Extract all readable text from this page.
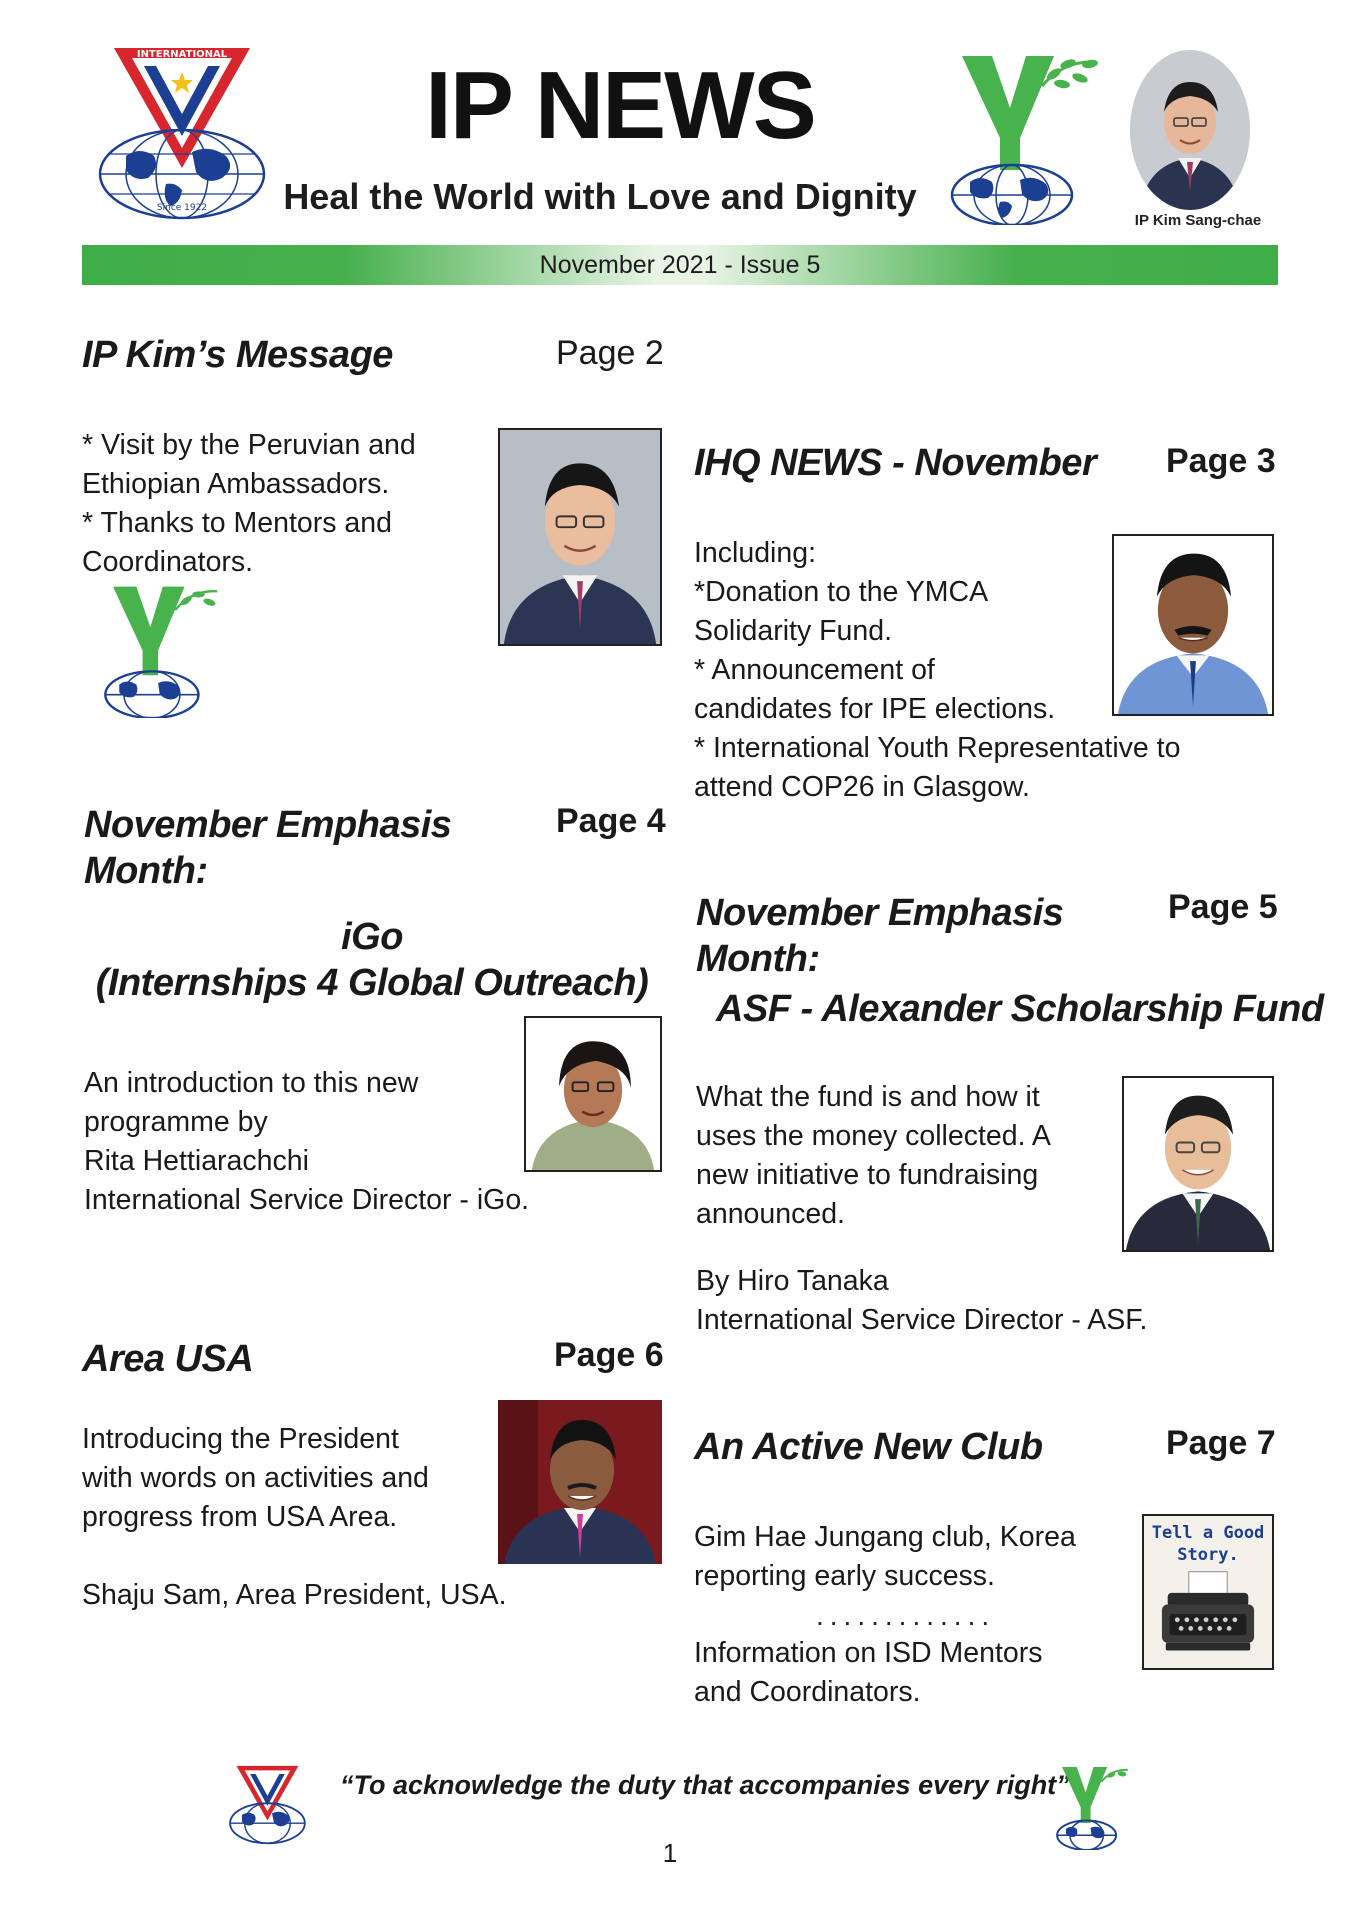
INTERNATIONAL
Since 1922
IP NEWS
Heal the World with Love and Dignity
IP Kim Sang-chae
November 2021 - Issue 5
IP Kim’s Message	Page 2
* Visit by the Peruvian and
Ethiopian Ambassadors.
* Thanks to Mentors and
Coordinators.
November Emphasis
Month:
Page 4
iGo
(Internships 4 Global Outreach)
An introduction to this new
programme by
Rita Hettiarachchi
International Service Director - iGo.
Area USA	Page 6
Introducing the President
with words on activities and
progress from USA Area.
Shaju Sam, Area President, USA.
IHQ NEWS - November Page 3
Including:
*Donation to the YMCA
Solidarity Fund.
* Announcement of
candidates for IPE elections.
* International Youth Representative to
attend COP26 in Glasgow.
November Emphasis
Month:
Page 5
ASF - Alexander Scholarship Fund
What the fund is and how it
uses the money collected. A
new initiative to fundraising
announced.
By Hiro Tanaka
International Service Director - ASF.
An Active New Club	Page 7
Gim Hae Jungang club, Korea
reporting early success.
.............
Information on ISD Mentors
and Coordinators.
Tell a Good
Story.
“To acknowledge the duty that accompanies every right”
1
